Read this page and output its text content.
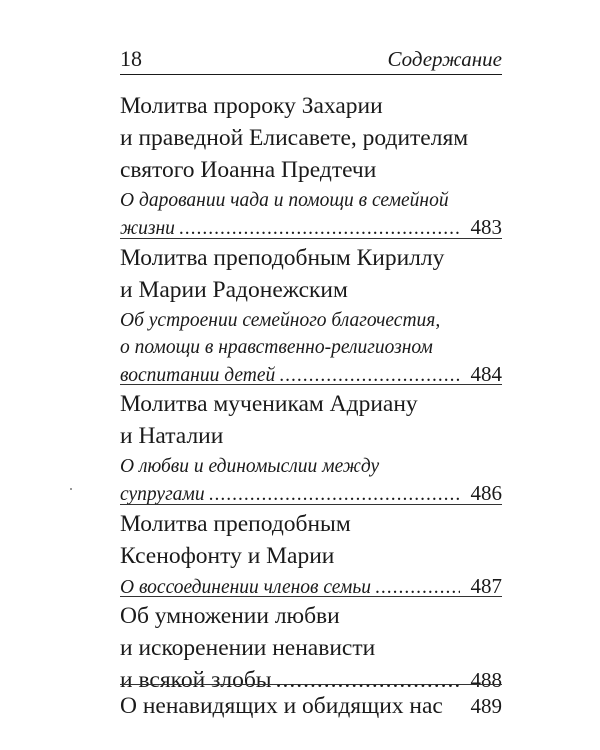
18	Содержание
Молитва пророку Захарии
и праведной Елисавете, родителям
святого Иоанна Предтечи
О даровании чада и помощи в семейной
жизни .....	483
Молитва преподобным Кириллу
и Марии Радонежским
Об устроении семейного благочестия,
о помощи в нравственно-религиозном
воспитании детей .....	484
Молитва мученикам Адриану
и Наталии
О любви и единомыслии между
супругами .....	486
Молитва преподобным
Ксенофонту и Марии
О воссоединении членов семьи .....	487
Об умножении любви
и искоренении ненависти
и всякой злобы .....	488
О ненавидящих и обидящих нас 489
